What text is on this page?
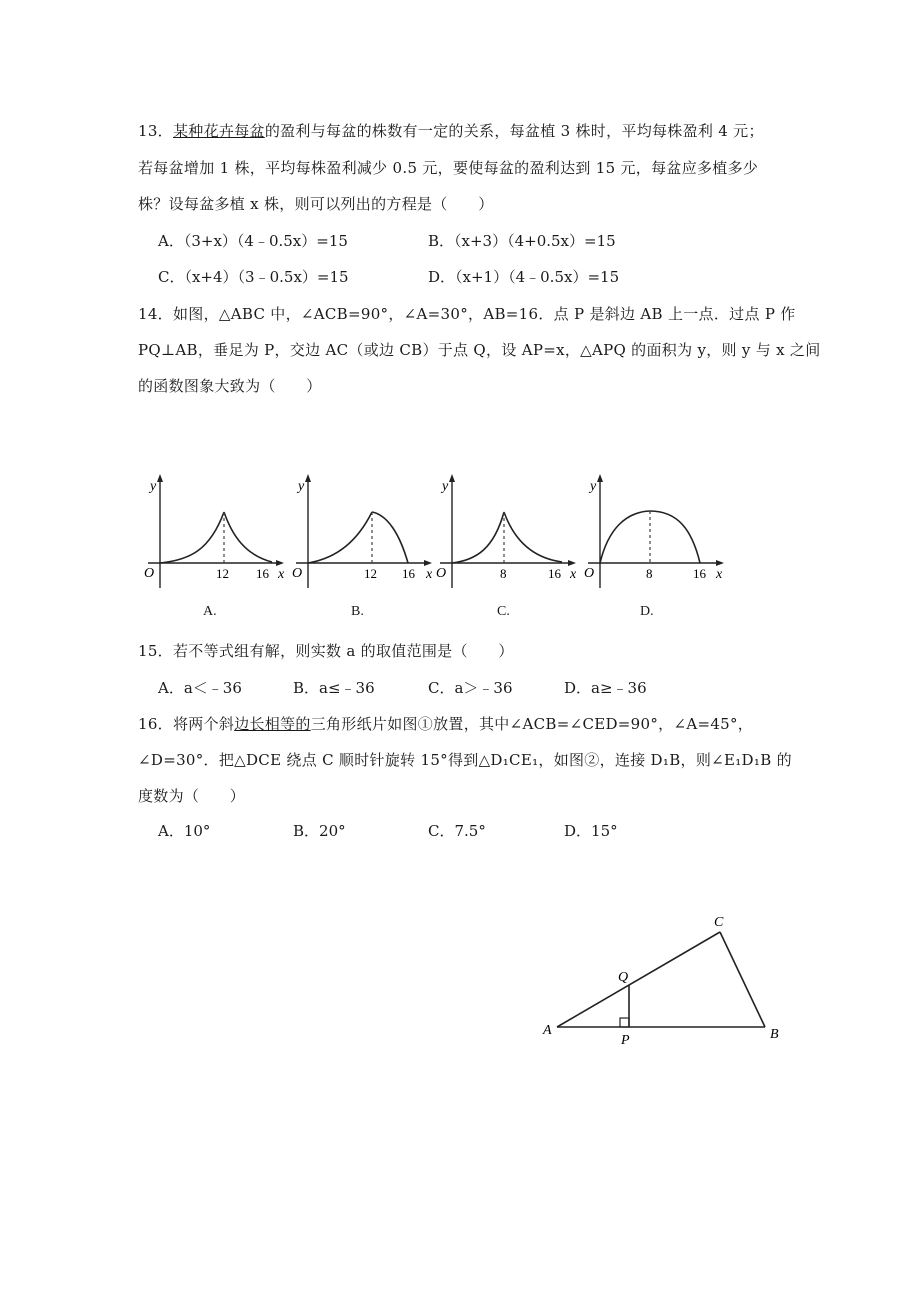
13．某种花卉每盆的盈利与每盆的株数有一定的关系，每盆植 3 株时，平均每株盈利 4 元；
若每盆增加 1 株，平均每株盈利减少 0.5 元，要使每盆的盈利达到 15 元，每盆应多植多少
株？设每盆多植 x 株，则可以列出的方程是（　　）
A．（3+x）（4﹣0.5x）=15	B．（x+3）（4+0.5x）=15
C．（x+4）（3﹣0.5x）=15	D．（x+1）（4﹣0.5x）=15
14．如图，△ABC 中，∠ACB=90°，∠A=30°，AB=16．点 P 是斜边 AB 上一点．过点 P 作
PQ⊥AB，垂足为 P，交边 AC（或边 CB）于点 Q，设 AP=x，△APQ 的面积为 y，则 y 与 x 之间
的函数图象大致为（　　）
y
O	12 16 x
y
O	12 16 x
y
O	8	16 x
y
O	8	16 x
A.	B.	C.	D.
15．若不等式组有解，则实数 a 的取值范围是（　　）
A．a＜﹣36	B．a≤﹣36	C．a＞﹣36	D．a≥﹣36
16．将两个斜边长相等的三角形纸片如图①放置，其中∠ACB=∠CED=90°，∠A=45°，
∠D=30°．把△DCE 绕点 C 顺时针旋转 15°得到△D₁CE₁，如图②，连接 D₁B，则∠E₁D₁B 的
度数为（　　）
A．10°	B．20°	C．7.5°	D．15°
A	B
C
P
Q
